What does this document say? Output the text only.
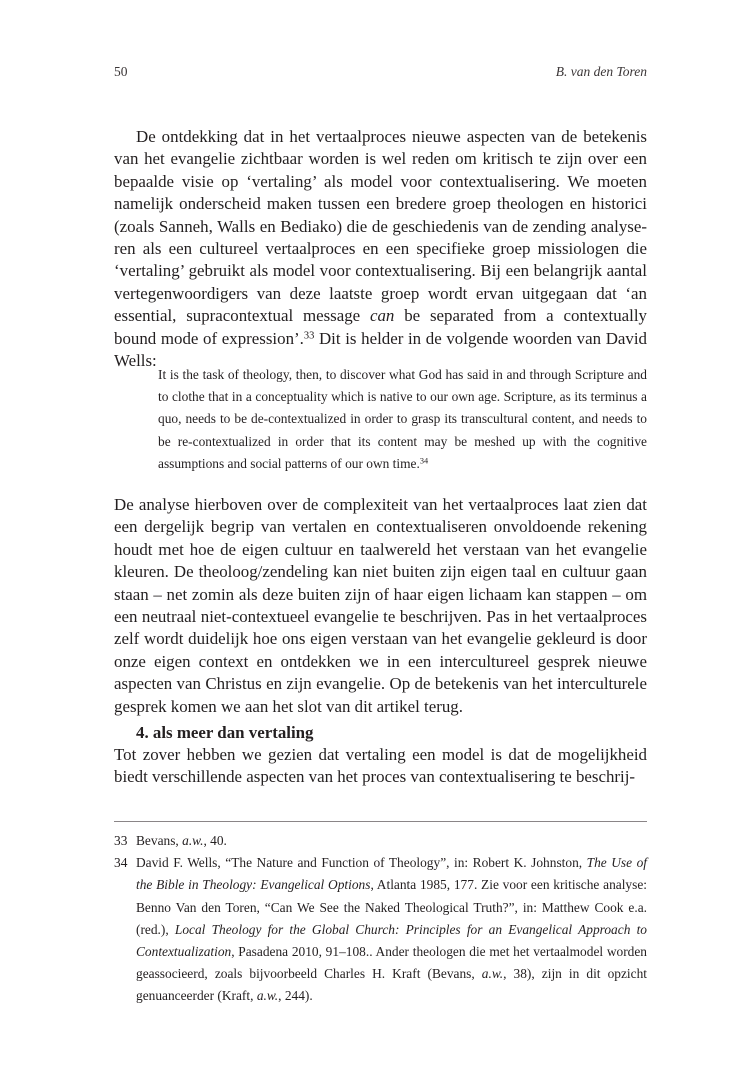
50	B. van den Toren

De ontdekking dat in het vertaalproces nieuwe aspecten van de betekenis van het evangelie zichtbaar worden is wel reden om kritisch te zijn over een bepaalde visie op ‘vertaling’ als model voor contextualisering. We moeten namelijk onderscheid maken tussen een bredere groep theologen en historici (zoals Sanneh, Walls en Bediako) die de geschiedenis van de zending analyseren als een cultureel vertaalproces en een specifieke groep missiologen die ‘vertaling’ gebruikt als model voor contextualisering. Bij een belangrijk aantal vertegenwoordigers van deze laatste groep wordt ervan uitgegaan dat ‘an essential, supracontextual message can be separated from a contextually bound mode of expression’.$^{33}$ Dit is helder in de volgende woorden van David Wells:

It is the task of theology, then, to discover what God has said in and through Scripture and to clothe that in a conceptuality which is native to our own age. Scripture, as its terminus a quo, needs to be de-contextualized in order to grasp its transcultural content, and needs to be re-contextualized in order that its content may be meshed up with the cognitive assumptions and social patterns of our own time.$^{34}$

De analyse hierboven over de complexiteit van het vertaalproces laat zien dat een dergelijk begrip van vertalen en contextualiseren onvoldoende rekening houdt met hoe de eigen cultuur en taalwereld het verstaan van het evangelie kleuren. De theoloog/zendeling kan niet buiten zijn eigen taal en cultuur gaan staan – net zomin als deze buiten zijn of haar eigen lichaam kan stappen – om een neutraal niet-contextueel evangelie te beschrijven. Pas in het vertaalproces zelf wordt duidelijk hoe ons eigen verstaan van het evangelie gekleurd is door onze eigen context en ontdekken we in een intercultureel gesprek nieuwe aspecten van Christus en zijn evangelie. Op de betekenis van het interculturele gesprek komen we aan het slot van dit artikel terug.

4. als meer dan vertaling

Tot zover hebben we gezien dat vertaling een model is dat de mogelijkheid biedt verschillende aspecten van het proces van contextualisering te beschrij-

33 Bevans, a.w., 40.
34 David F. Wells, “The Nature and Function of Theology”, in: Robert K. Johnston, The Use of the Bible in Theology: Evangelical Options, Atlanta 1985, 177. Zie voor een kritische analyse: Benno Van den Toren, “Can We See the Naked Theological Truth?”, in: Matthew Cook e.a. (red.), Local Theology for the Global Church: Principles for an Evangelical Approach to Contextualization, Pasadena 2010, 91–108.. Ander theologen die met het vertaalmodel worden geassocieerd, zoals bijvoorbeeld Charles H. Kraft (Bevans, a.w., 38), zijn in dit opzicht genuanceerder (Kraft, a.w., 244).
